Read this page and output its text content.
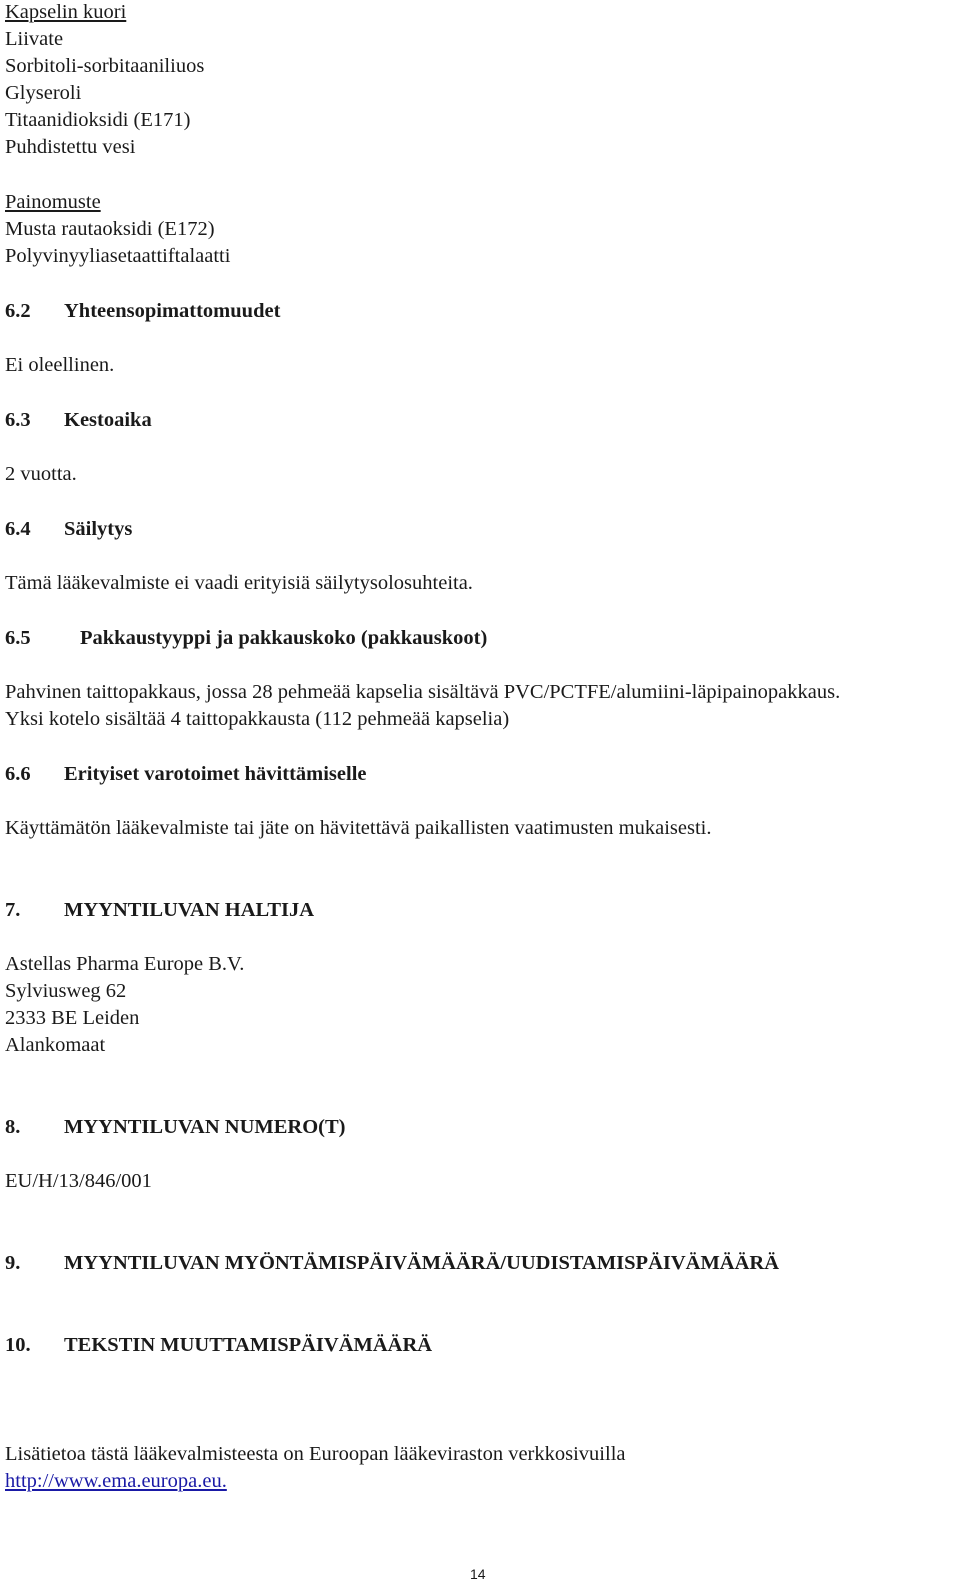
Kapselin kuori
Liivate
Sorbitoli-sorbitaaniliuos
Glyseroli
Titaanidioksidi (E171)
Puhdistettu vesi
Painomuste
Musta rautaoksidi (E172)
Polyvinyyliasetaattiftalaatti
6.2 Yhteensopimattomuudet
Ei oleellinen.
6.3 Kestoaika
2 vuotta.
6.4 Säilytys
Tämä lääkevalmiste ei vaadi erityisiä säilytysolosuhteita.
6.5 Pakkaustyyppi ja pakkauskoko (pakkauskoot)
Pahvinen taittopakkaus, jossa 28 pehmeää kapselia sisältävä PVC/PCTFE/alumiini-läpipainopakkaus.
Yksi kotelo sisältää 4 taittopakkausta (112 pehmeää kapselia)
6.6 Erityiset varotoimet hävittämiselle
Käyttämätön lääkevalmiste tai jäte on hävitettävä paikallisten vaatimusten mukaisesti.
7. MYYNTILUVAN HALTIJA
Astellas Pharma Europe B.V.
Sylviusweg 62
2333 BE Leiden
Alankomaat
8. MYYNTILUVAN NUMERO(T)
EU/H/13/846/001
9. MYYNTILUVAN MYÖNTÄMISPÄIVÄMÄÄRÄ/UUDISTAMISPÄIVÄMÄÄRÄ
10. TEKSTIN MUUTTAMISPÄIVÄMÄÄRÄ
Lisätietoa tästä lääkevalmisteesta on Euroopan lääkeviraston verkkosivuilla
http://www.ema.europa.eu.
14
